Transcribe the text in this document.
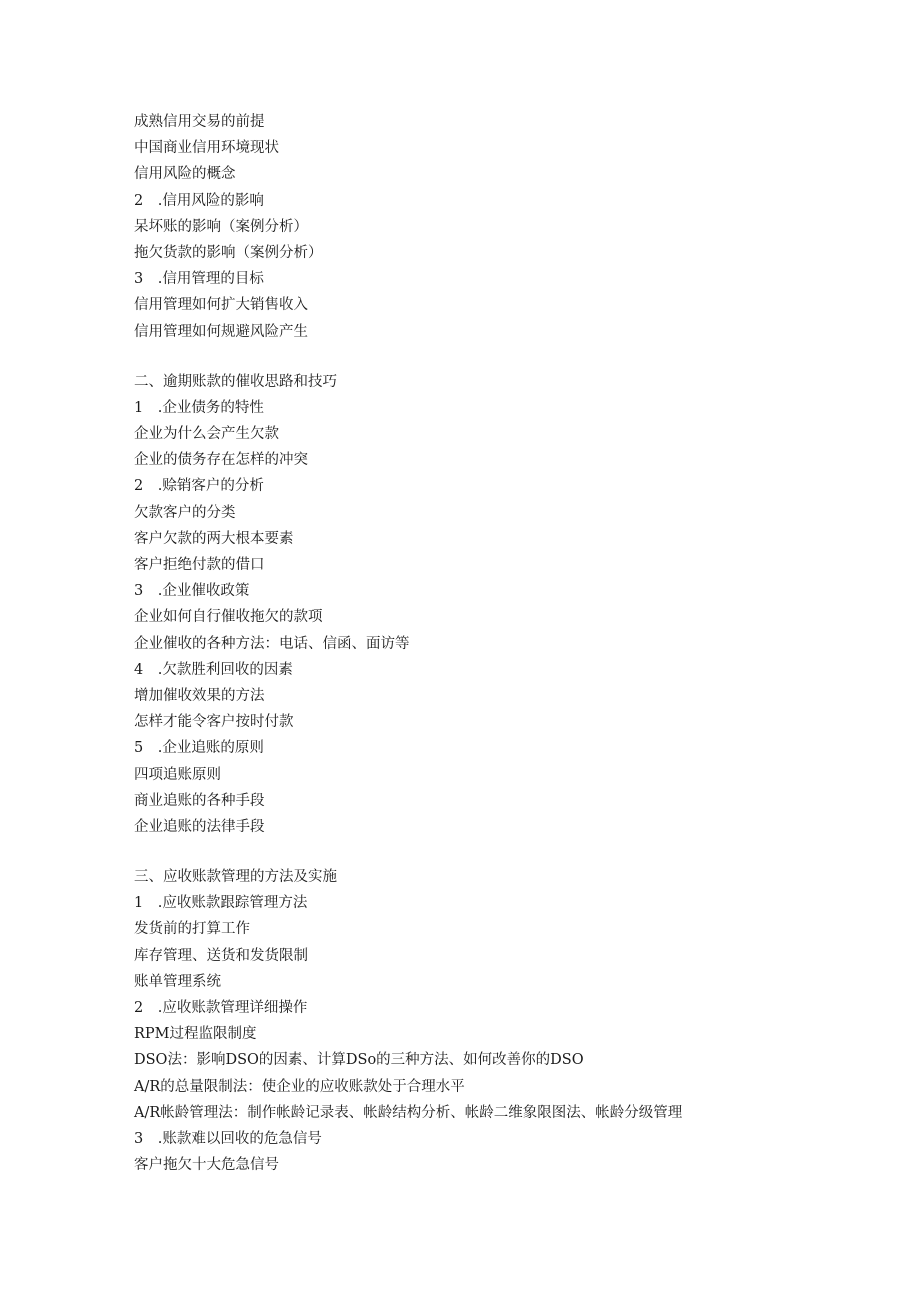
成熟信用交易的前提
中国商业信用环境现状
信用风险的概念
2　.信用风险的影响
呆坏账的影响（案例分析）
拖欠货款的影响（案例分析）
3　.信用管理的目标
信用管理如何扩大销售收入
信用管理如何规避风险产生
二、逾期账款的催收思路和技巧
1　.企业债务的特性
企业为什么会产生欠款
企业的债务存在怎样的冲突
2　.赊销客户的分析
欠款客户的分类
客户欠款的两大根本要素
客户拒绝付款的借口
3　.企业催收政策
企业如何自行催收拖欠的款项
企业催收的各种方法：电话、信函、面访等
4　.欠款胜利回收的因素
增加催收效果的方法
怎样才能令客户按时付款
5　.企业追账的原则
四项追账原则
商业追账的各种手段
企业追账的法律手段
三、应收账款管理的方法及实施
1　.应收账款跟踪管理方法
发货前的打算工作
库存管理、送货和发货限制
账单管理系统
2　.应收账款管理详细操作
RPM过程监限制度
DSO法：影响DSO的因素、计算DSo的三种方法、如何改善你的DSO
A/R的总量限制法：使企业的应收账款处于合理水平
A/R帐龄管理法：制作帐龄记录表、帐龄结构分析、帐龄二维象限图法、帐龄分级管理
3　.账款难以回收的危急信号
客户拖欠十大危急信号
